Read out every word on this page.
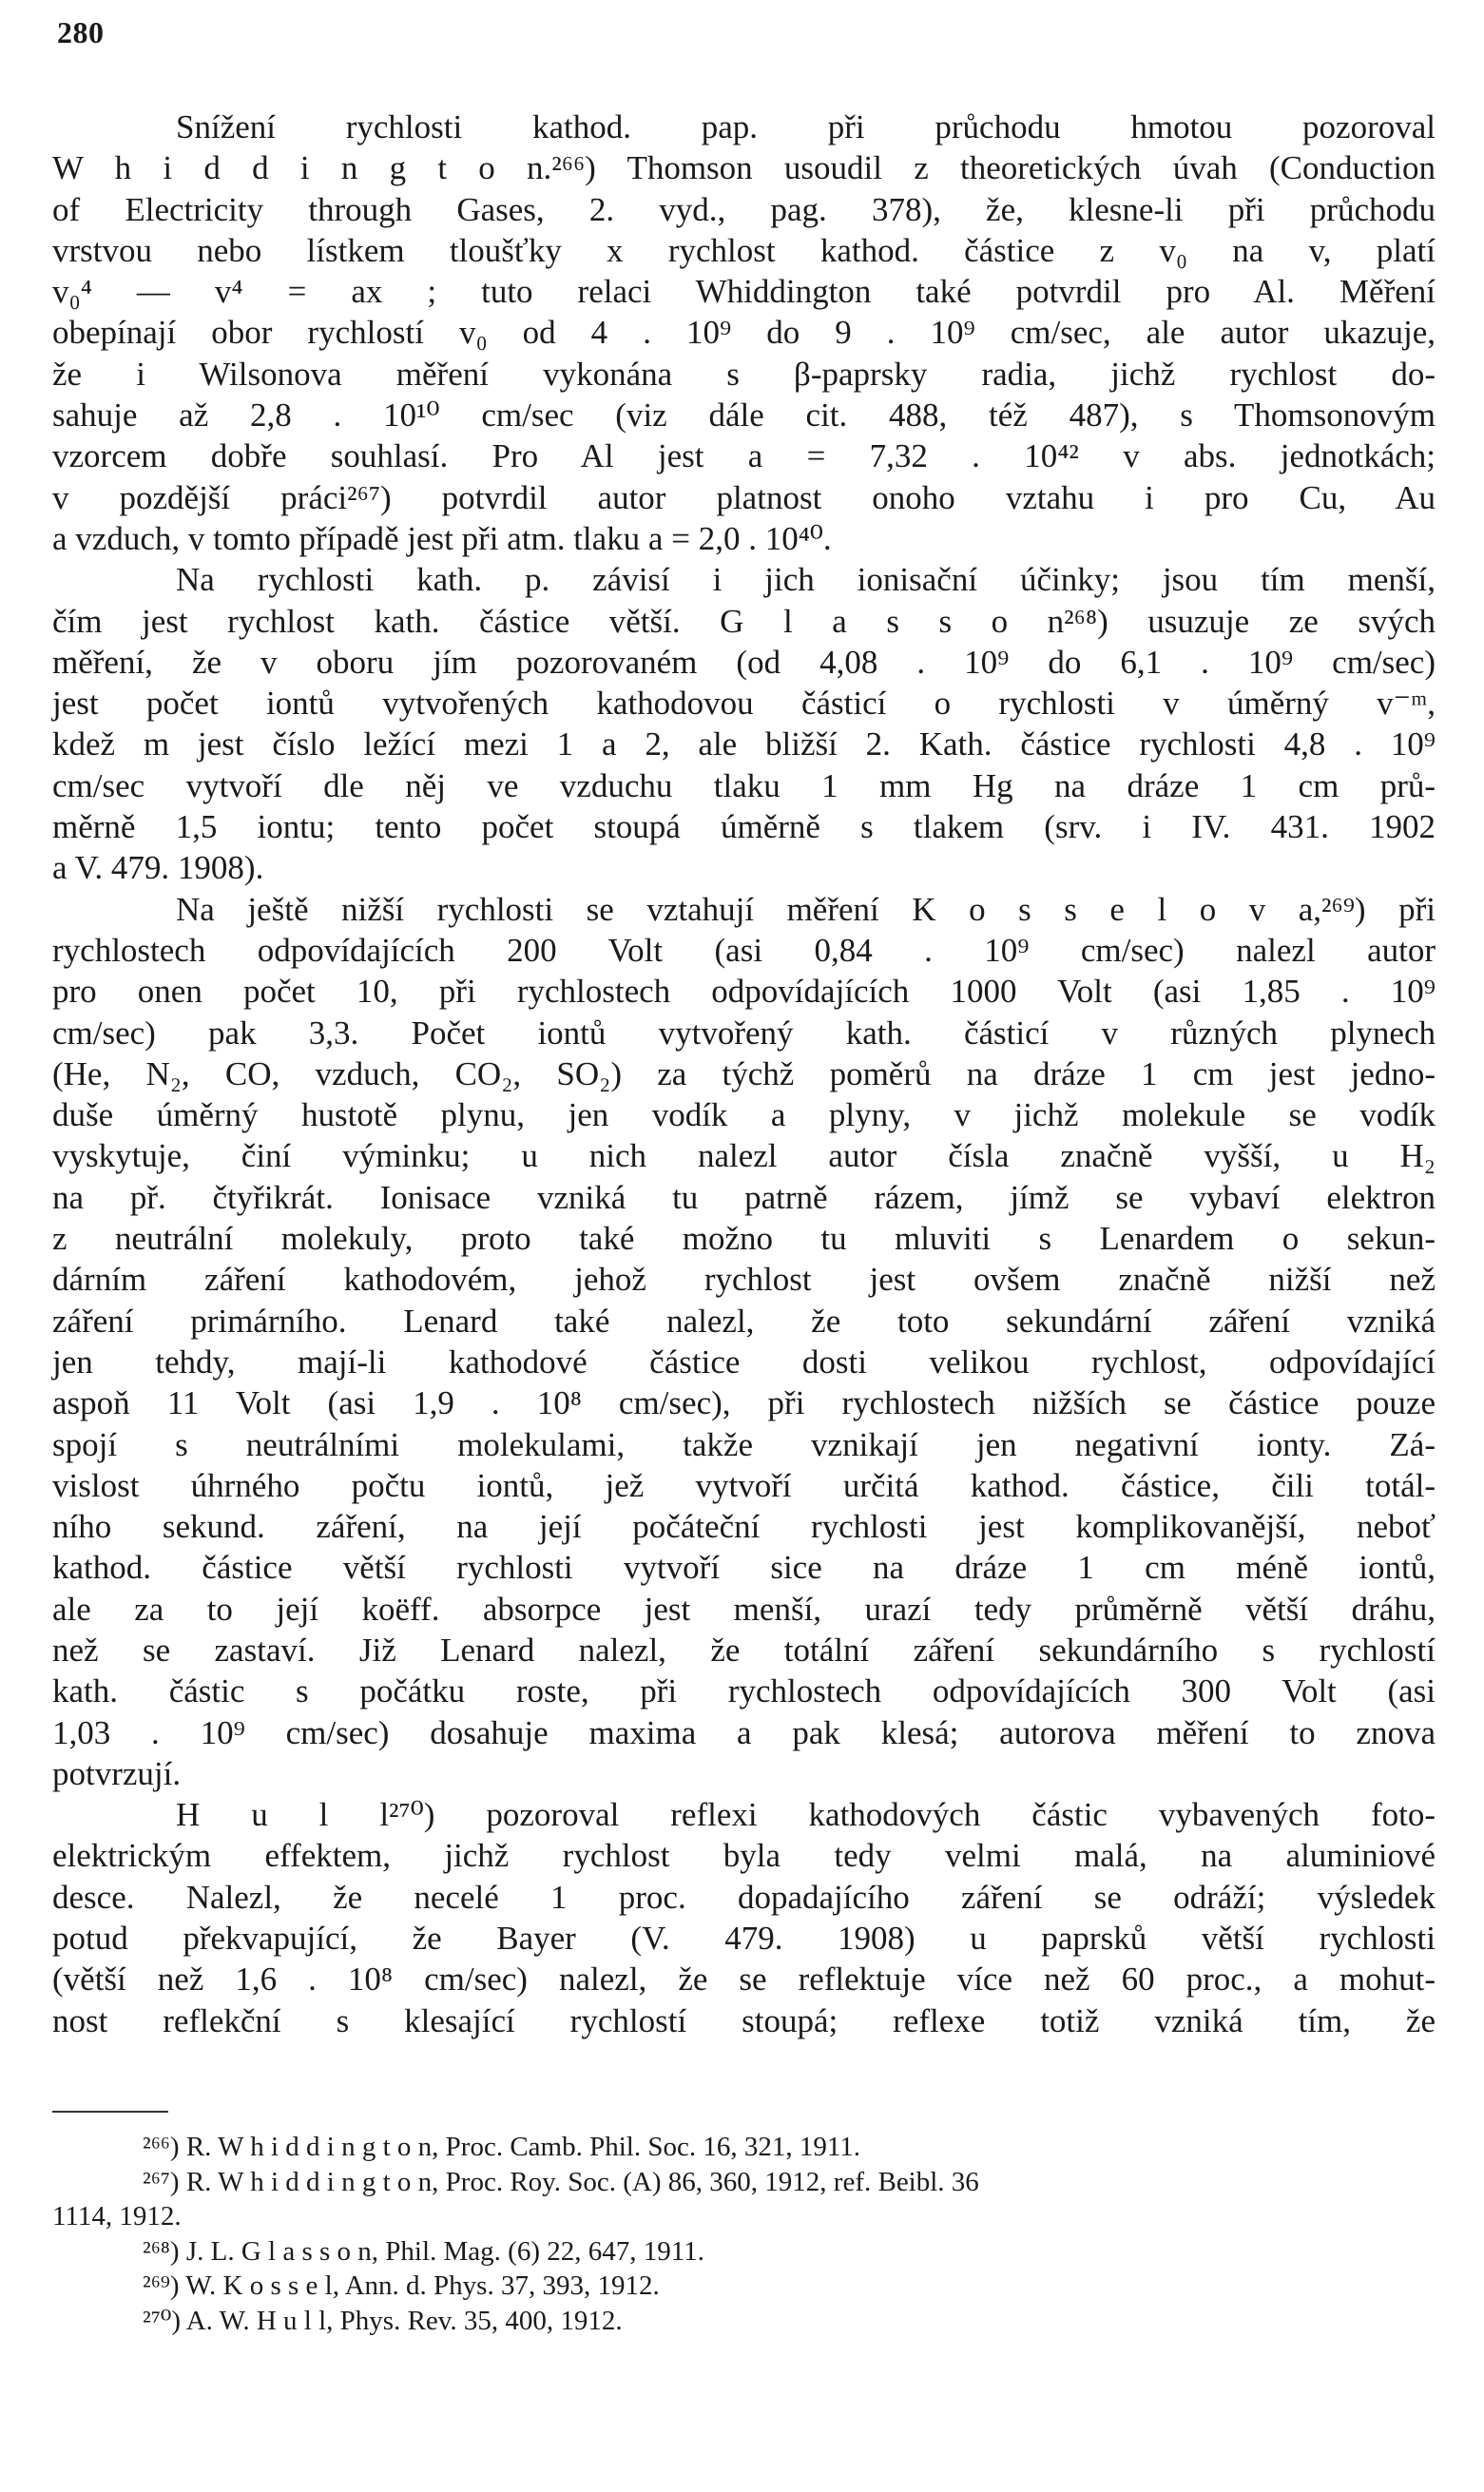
280
Snížení rychlosti kathod. pap. při průchodu hmotou pozoroval
W h i d d i n g t o n.²⁶⁶) Thomson usoudil z theoretických úvah (Conduction
of Electricity through Gases, 2. vyd., pag. 378), že, klesne-li při průchodu
vrstvou nebo lístkem tloušťky x rychlost kathod. částice z v₀ na v, platí
v₀⁴ — v⁴ = ax ; tuto relaci Whiddington také potvrdil pro Al. Měření
obepínají obor rychlostí v₀ od 4 . 10⁹ do 9 . 10⁹ cm/sec, ale autor ukazuje,
že i Wilsonova měření vykonána s β-paprsky radia, jichž rychlost do-
sahuje až 2,8 . 10¹⁰ cm/sec (viz dále cit. 488, též 487), s Thomsonovým
vzorcem dobře souhlasí. Pro Al jest a = 7,32 . 10⁴² v abs. jednotkách;
v pozdější práci²⁶⁷) potvrdil autor platnost onoho vztahu i pro Cu, Au
a vzduch, v tomto případě jest při atm. tlaku a = 2,0 . 10⁴⁰.
Na rychlosti kath. p. závisí i jich ionisační účinky; jsou tím menší,
čím jest rychlost kath. částice větší. G l a s s o n²⁶⁸) usuzuje ze svých
měření, že v oboru jím pozorovaném (od 4,08 . 10⁹ do 6,1 . 10⁹ cm/sec)
jest počet iontů vytvořených kathodovou částicí o rychlosti v úměrný v⁻ᵐ,
kdež m jest číslo ležící mezi 1 a 2, ale bližší 2. Kath. částice rychlosti 4,8 . 10⁹
cm/sec vytvoří dle něj ve vzduchu tlaku 1 mm Hg na dráze 1 cm prů-
měrně 1,5 iontu; tento počet stoupá úměrně s tlakem (srv. i IV. 431. 1902
a V. 479. 1908).
Na ještě nižší rychlosti se vztahují měření K o s s e l o v a,²⁶⁹) při
rychlostech odpovídajících 200 Volt (asi 0,84 . 10⁹ cm/sec) nalezl autor
pro onen počet 10, při rychlostech odpovídajících 1000 Volt (asi 1,85 . 10⁹
cm/sec) pak 3,3. Počet iontů vytvořený kath. částicí v různých plynech
(He, N₂, CO, vzduch, CO₂, SO₂) za týchž poměrů na dráze 1 cm jest jedno-
duše úměrný hustotě plynu, jen vodík a plyny, v jichž molekule se vodík
vyskytuje, činí výminku; u nich nalezl autor čísla značně vyšší, u H₂
na př. čtyřikrát. Ionisace vzniká tu patrně rázem, jímž se vybaví elektron
z neutrální molekuly, proto také možno tu mluviti s Lenardem o sekun-
dárním záření kathodovém, jehož rychlost jest ovšem značně nižší než
záření primárního. Lenard také nalezl, že toto sekundární záření vzniká
jen tehdy, mají-li kathodové částice dosti velikou rychlost, odpovídající
aspoň 11 Volt (asi 1,9 . 10⁸ cm/sec), při rychlostech nižších se částice pouze
spojí s neutrálními molekulami, takže vznikají jen negativní ionty. Zá-
vislost úhrného počtu iontů, jež vytvoří určitá kathod. částice, čili totál-
ního sekund. záření, na její počáteční rychlosti jest komplikovanější, neboť
kathod. částice větší rychlosti vytvoří sice na dráze 1 cm méně iontů,
ale za to její koëff. absorpce jest menší, urazí tedy průměrně větší dráhu,
než se zastaví. Již Lenard nalezl, že totální záření sekundárního s rychlostí
kath. částic s počátku roste, při rychlostech odpovídajících 300 Volt (asi
1,03 . 10⁹ cm/sec) dosahuje maxima a pak klesá; autorova měření to znova
potvrzují.
H u l l²⁷⁰) pozoroval reflexi kathodových částic vybavených foto-
elektrickým effektem, jichž rychlost byla tedy velmi malá, na aluminiové
desce. Nalezl, že necelé 1 proc. dopadajícího záření se odráží; výsledek
potud překvapující, že Bayer (V. 479. 1908) u paprsků větší rychlosti
(větší než 1,6 . 10⁸ cm/sec) nalezl, že se reflektuje více než 60 proc., a mohut-
nost reflekční s klesající rychlostí stoupá; reflexe totiž vzniká tím, že
²⁶⁶) R. W h i d d i n g t o n, Proc. Camb. Phil. Soc. 16, 321, 1911.
²⁶⁷) R. W h i d d i n g t o n, Proc. Roy. Soc. (A) 86, 360, 1912, ref. Beibl. 36
1114, 1912.
²⁶⁸) J. L. G l a s s o n, Phil. Mag. (6) 22, 647, 1911.
²⁶⁹) W. K o s s e l, Ann. d. Phys. 37, 393, 1912.
²⁷⁰) A. W. H u l l, Phys. Rev. 35, 400, 1912.
